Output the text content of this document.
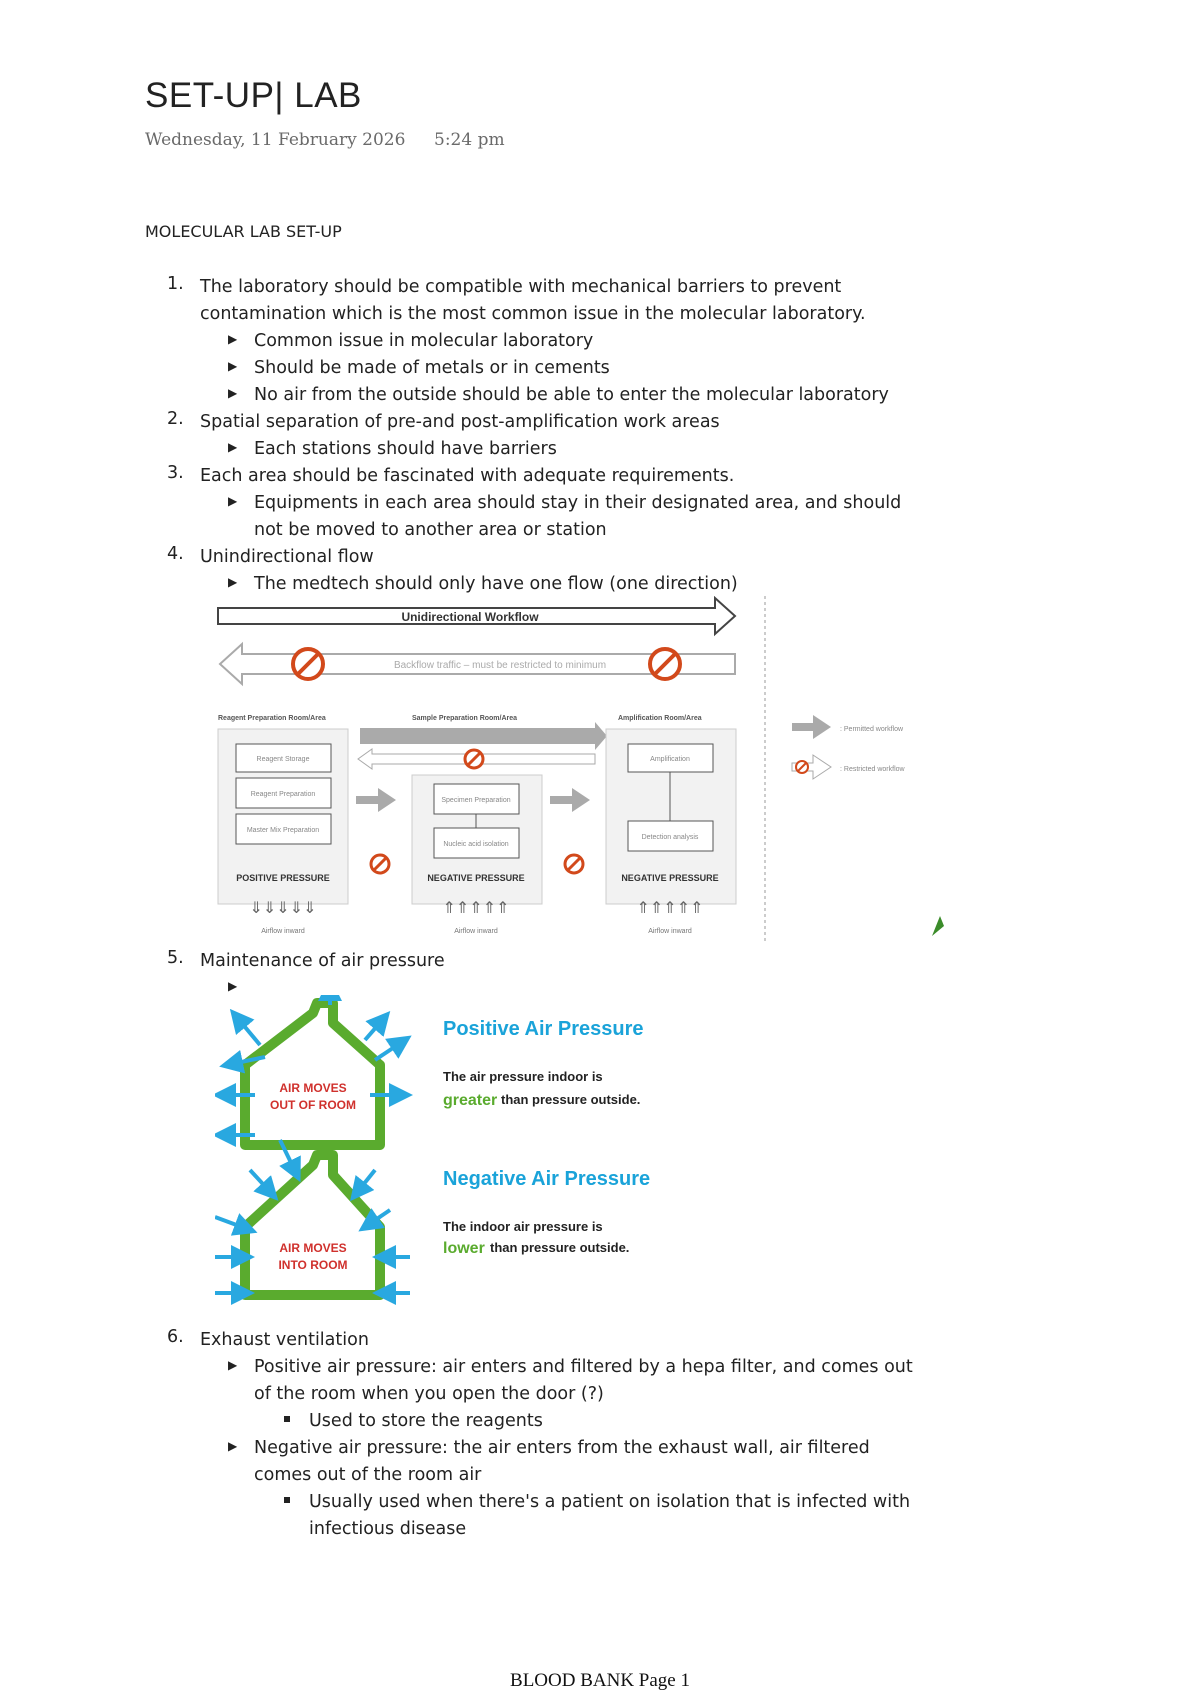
SET-UP| LAB
Wednesday, 11 February 2026 5:24 pm
MOLECULAR LAB SET-UP
1. The laboratory should be compatible with mechanical barriers to prevent
contamination which is the most common issue in the molecular laboratory.
▶ Common issue in molecular laboratory
▶ Should be made of metals or in cements
▶ No air from the outside should be able to enter the molecular laboratory
2. Spatial separation of pre-and post-amplification work areas
▶ Each stations should have barriers
3. Each area should be fascinated with adequate requirements.
▶ Equipments in each area should stay in their designated area, and should
not be moved to another area or station
4. Unindirectional flow
▶ The medtech should only have one flow (one direction)
Unidirectional Workflow
Backflow traffic – must be restricted to minimum
Reagent Preparation Room/Area
Reagent Storage
Reagent Preparation
Master Mix Preparation
POSITIVE PRESSURE
⇓⇓⇓⇓⇓
Airflow inward
Sample Preparation Room/Area
Specimen Preparation
Nucleic acid isolation
NEGATIVE PRESSURE
⇑⇑⇑⇑⇑
Airflow inward
Amplification Room/Area
Amplification
Detection analysis
NEGATIVE PRESSURE
⇑⇑⇑⇑⇑
Airflow inward
: Permitted workflow
: Restricted workflow
5. Maintenance of air pressure
▶
AIR MOVES
OUT OF ROOM
Positive Air Pressure
The air pressure indoor is
greater than pressure outside.
AIR MOVES
INTO ROOM
Negative Air Pressure
The indoor air pressure is
lower than pressure outside.
6. Exhaust ventilation
▶ Positive air pressure: air enters and filtered by a hepa filter, and comes out
of the room when you open the door (?)
Used to store the reagents
▶ Negative air pressure: the air enters from the exhaust wall, air filtered
comes out of the room air
Usually used when there's a patient on isolation that is infected with
infectious disease
BLOOD BANK Page 1
